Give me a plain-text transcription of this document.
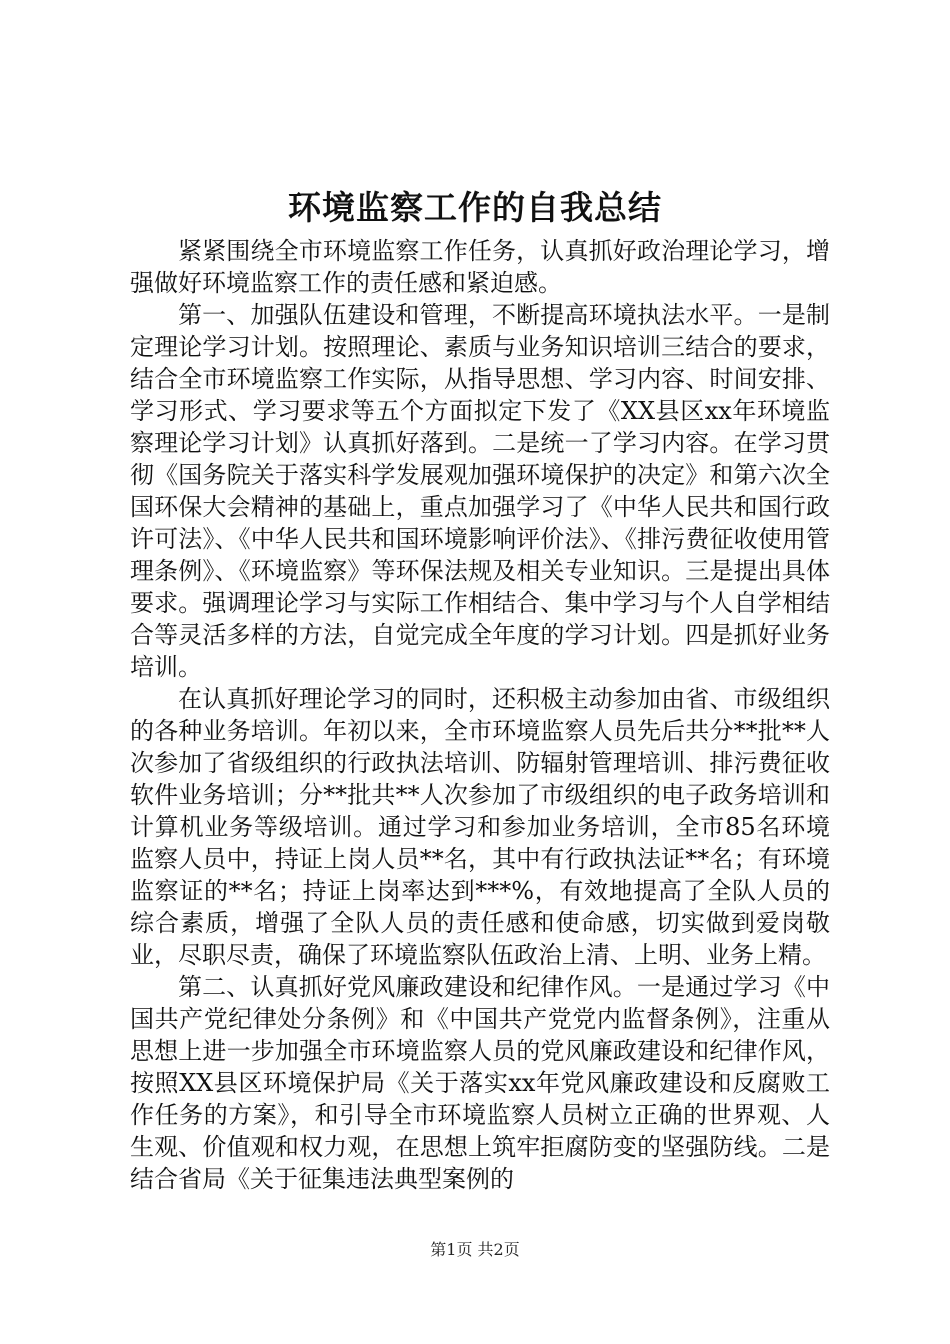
环境监察工作的自我总结

紧紧围绕全市环境监察工作任务，认真抓好政治理论学习，增强做好环境监察工作的责任感和紧迫感。

第一、加强队伍建设和管理，不断提高环境执法水平。一是制定理论学习计划。按照理论、素质与业务知识培训三结合的要求，结合全市环境监察工作实际，从指导思想、学习内容、时间安排、学习形式、学习要求等五个方面拟定下发了《XX县区xx年环境监察理论学习计划》认真抓好落到。二是统一了学习内容。在学习贯彻《国务院关于落实科学发展观加强环境保护的决定》和第六次全国环保大会精神的基础上，重点加强学习了《中华人民共和国行政许可法》、《中华人民共和国环境影响评价法》、《排污费征收使用管理条例》、《环境监察》等环保法规及相关专业知识。三是提出具体要求。强调理论学习与实际工作相结合、集中学习与个人自学相结合等灵活多样的方法，自觉完成全年度的学习计划。四是抓好业务培训。

在认真抓好理论学习的同时，还积极主动参加由省、市级组织的各种业务培训。年初以来，全市环境监察人员先后共分**批**人次参加了省级组织的行政执法培训、防辐射管理培训、排污费征收软件业务培训；分**批共**人次参加了市级组织的电子政务培训和计算机业务等级培训。通过学习和参加业务培训，全市85名环境监察人员中，持证上岗人员**名，其中有行政执法证**名；有环境监察证的**名；持证上岗率达到***%，有效地提高了全队人员的综合素质，增强了全队人员的责任感和使命感，切实做到爱岗敬业，尽职尽责，确保了环境监察队伍政治上清、上明、业务上精。

第二、认真抓好党风廉政建设和纪律作风。一是通过学习《中国共产党纪律处分条例》和《中国共产党党内监督条例》，注重从思想上进一步加强全市环境监察人员的党风廉政建设和纪律作风，按照XX县区环境保护局《关于落实xx年党风廉政建设和反腐败工作任务的方案》，和引导全市环境监察人员树立正确的世界观、人生观、价值观和权力观，在思想上筑牢拒腐防变的坚强防线。二是结合省局《关于征集违法典型案例的

第1页 共2页
